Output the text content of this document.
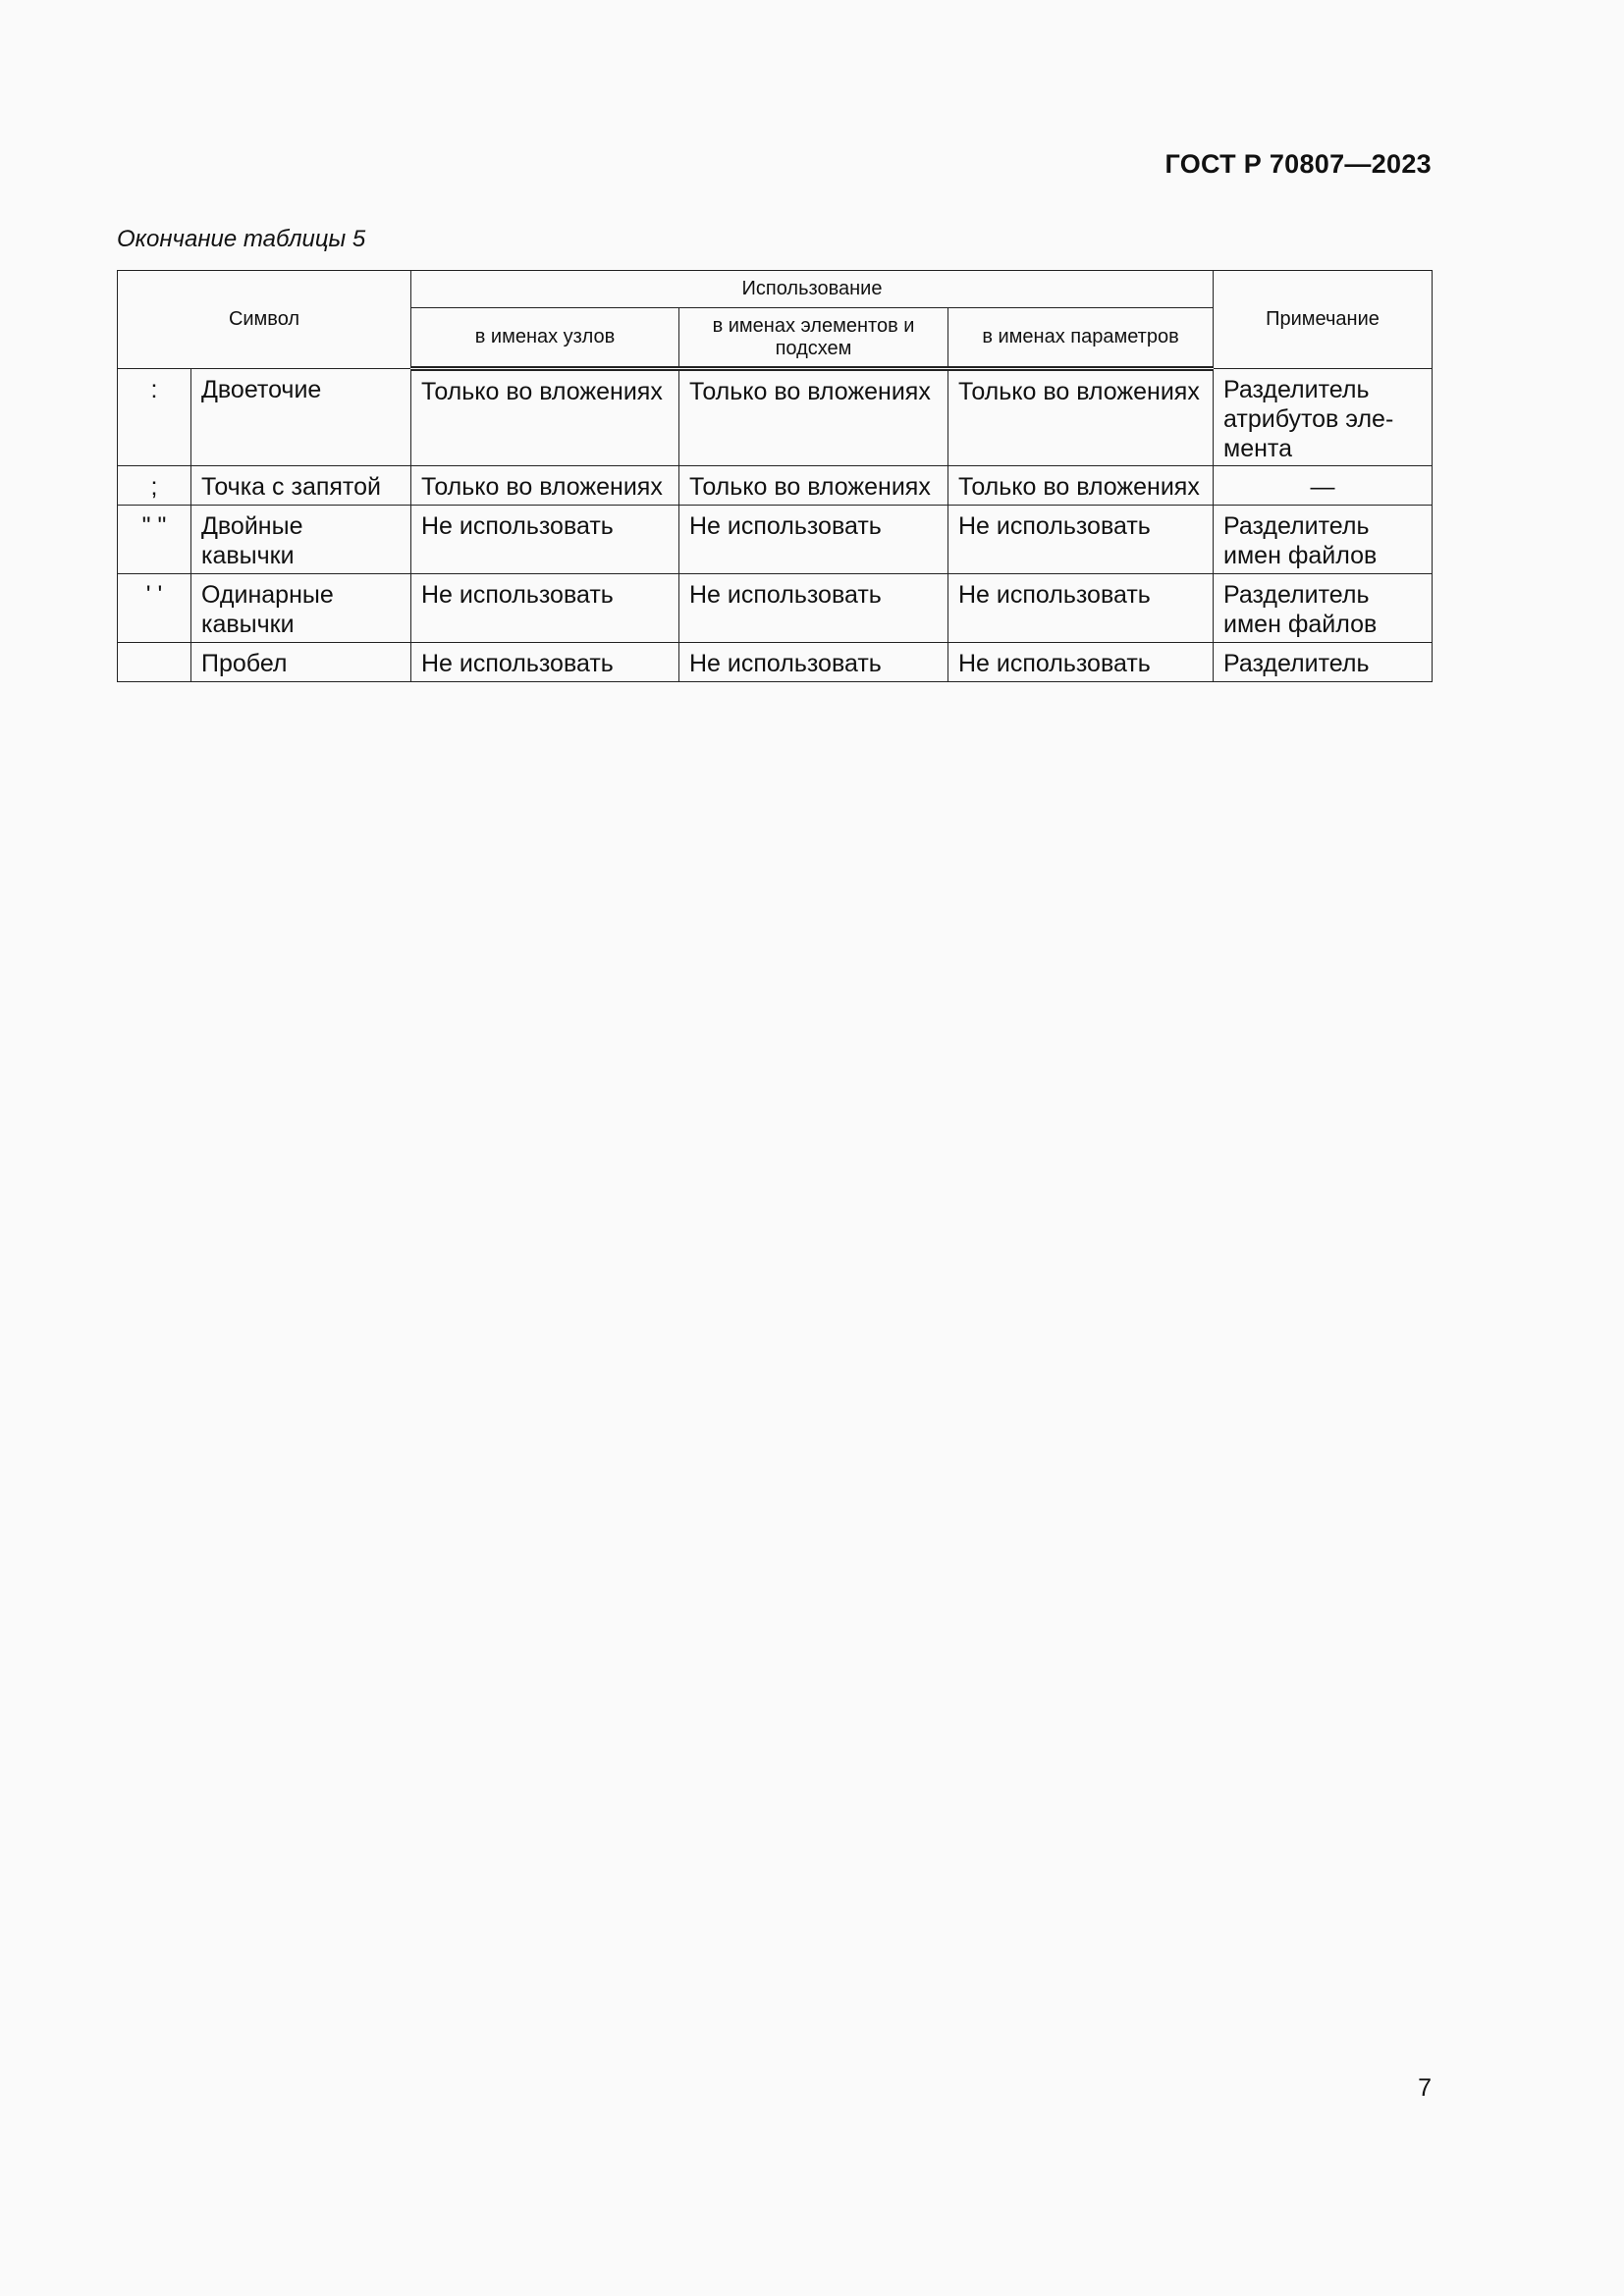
ГОСТ Р 70807—2023
Окончание таблицы 5
Символ		Использование			Примечание
		в именах узлов	в именах элементов и подсхем	в именах параметров	
:	Двоеточие	Только во вложениях	Только во вложениях	Только во вложениях	Разделитель атрибутов эле-мента
;	Точка с запятой	Только во вложениях	Только во вложениях	Только во вложениях	—
" "	Двойные кавычки	Не использовать	Не использовать	Не использовать	Разделитель имен файлов
' '	Одинарные кавычки	Не использовать	Не использовать	Не использовать	Разделитель имен файлов
	Пробел	Не использовать	Не использовать	Не использовать	Разделитель
7
